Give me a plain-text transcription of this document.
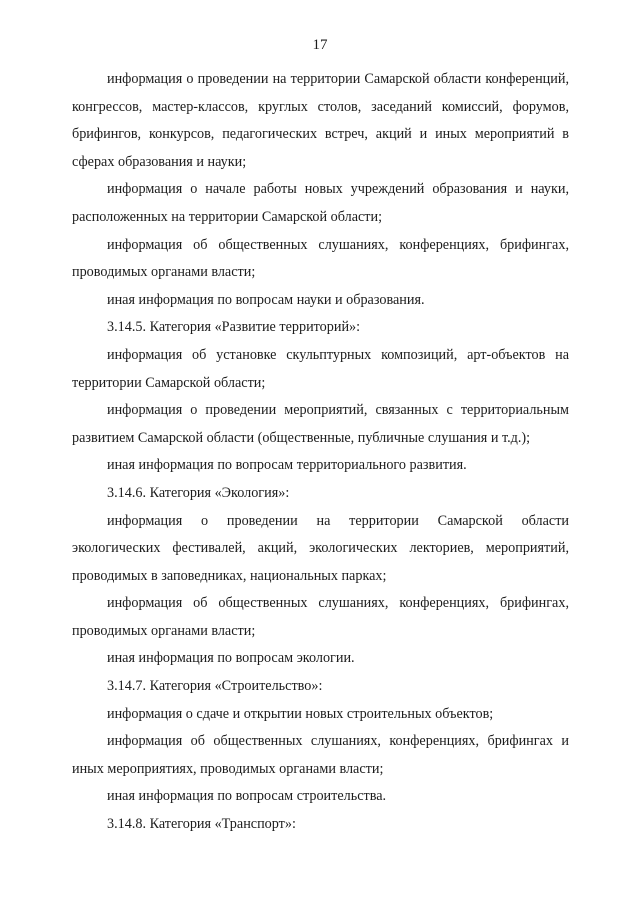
17

информация о проведении на территории Самарской области конференций, конгрессов, мастер-классов, круглых столов, заседаний комиссий, форумов, брифингов, конкурсов, педагогических встреч, акций и иных мероприятий в сферах образования и науки;

информация о начале работы новых учреждений образования и науки, расположенных на территории Самарской области;

информация об общественных слушаниях, конференциях, брифингах, проводимых органами власти;

иная информация по вопросам науки и образования.

3.14.5. Категория «Развитие территорий»:

информация об установке скульптурных композиций, арт-объектов на территории Самарской области;

информация о проведении мероприятий, связанных с территориальным развитием Самарской области (общественные, публичные слушания и т.д.);

иная информация по вопросам территориального развития.

3.14.6. Категория «Экология»:

информация о проведении на территории Самарской области экологических фестивалей, акций, экологических лекториев, мероприятий, проводимых в заповедниках, национальных парках;

информация об общественных слушаниях, конференциях, брифингах, проводимых органами власти;

иная информация по вопросам экологии.

3.14.7. Категория «Строительство»:

информация о сдаче и открытии новых строительных объектов;

информация об общественных слушаниях, конференциях, брифингах и иных мероприятиях, проводимых органами власти;

иная информация по вопросам строительства.

3.14.8. Категория «Транспорт»:
